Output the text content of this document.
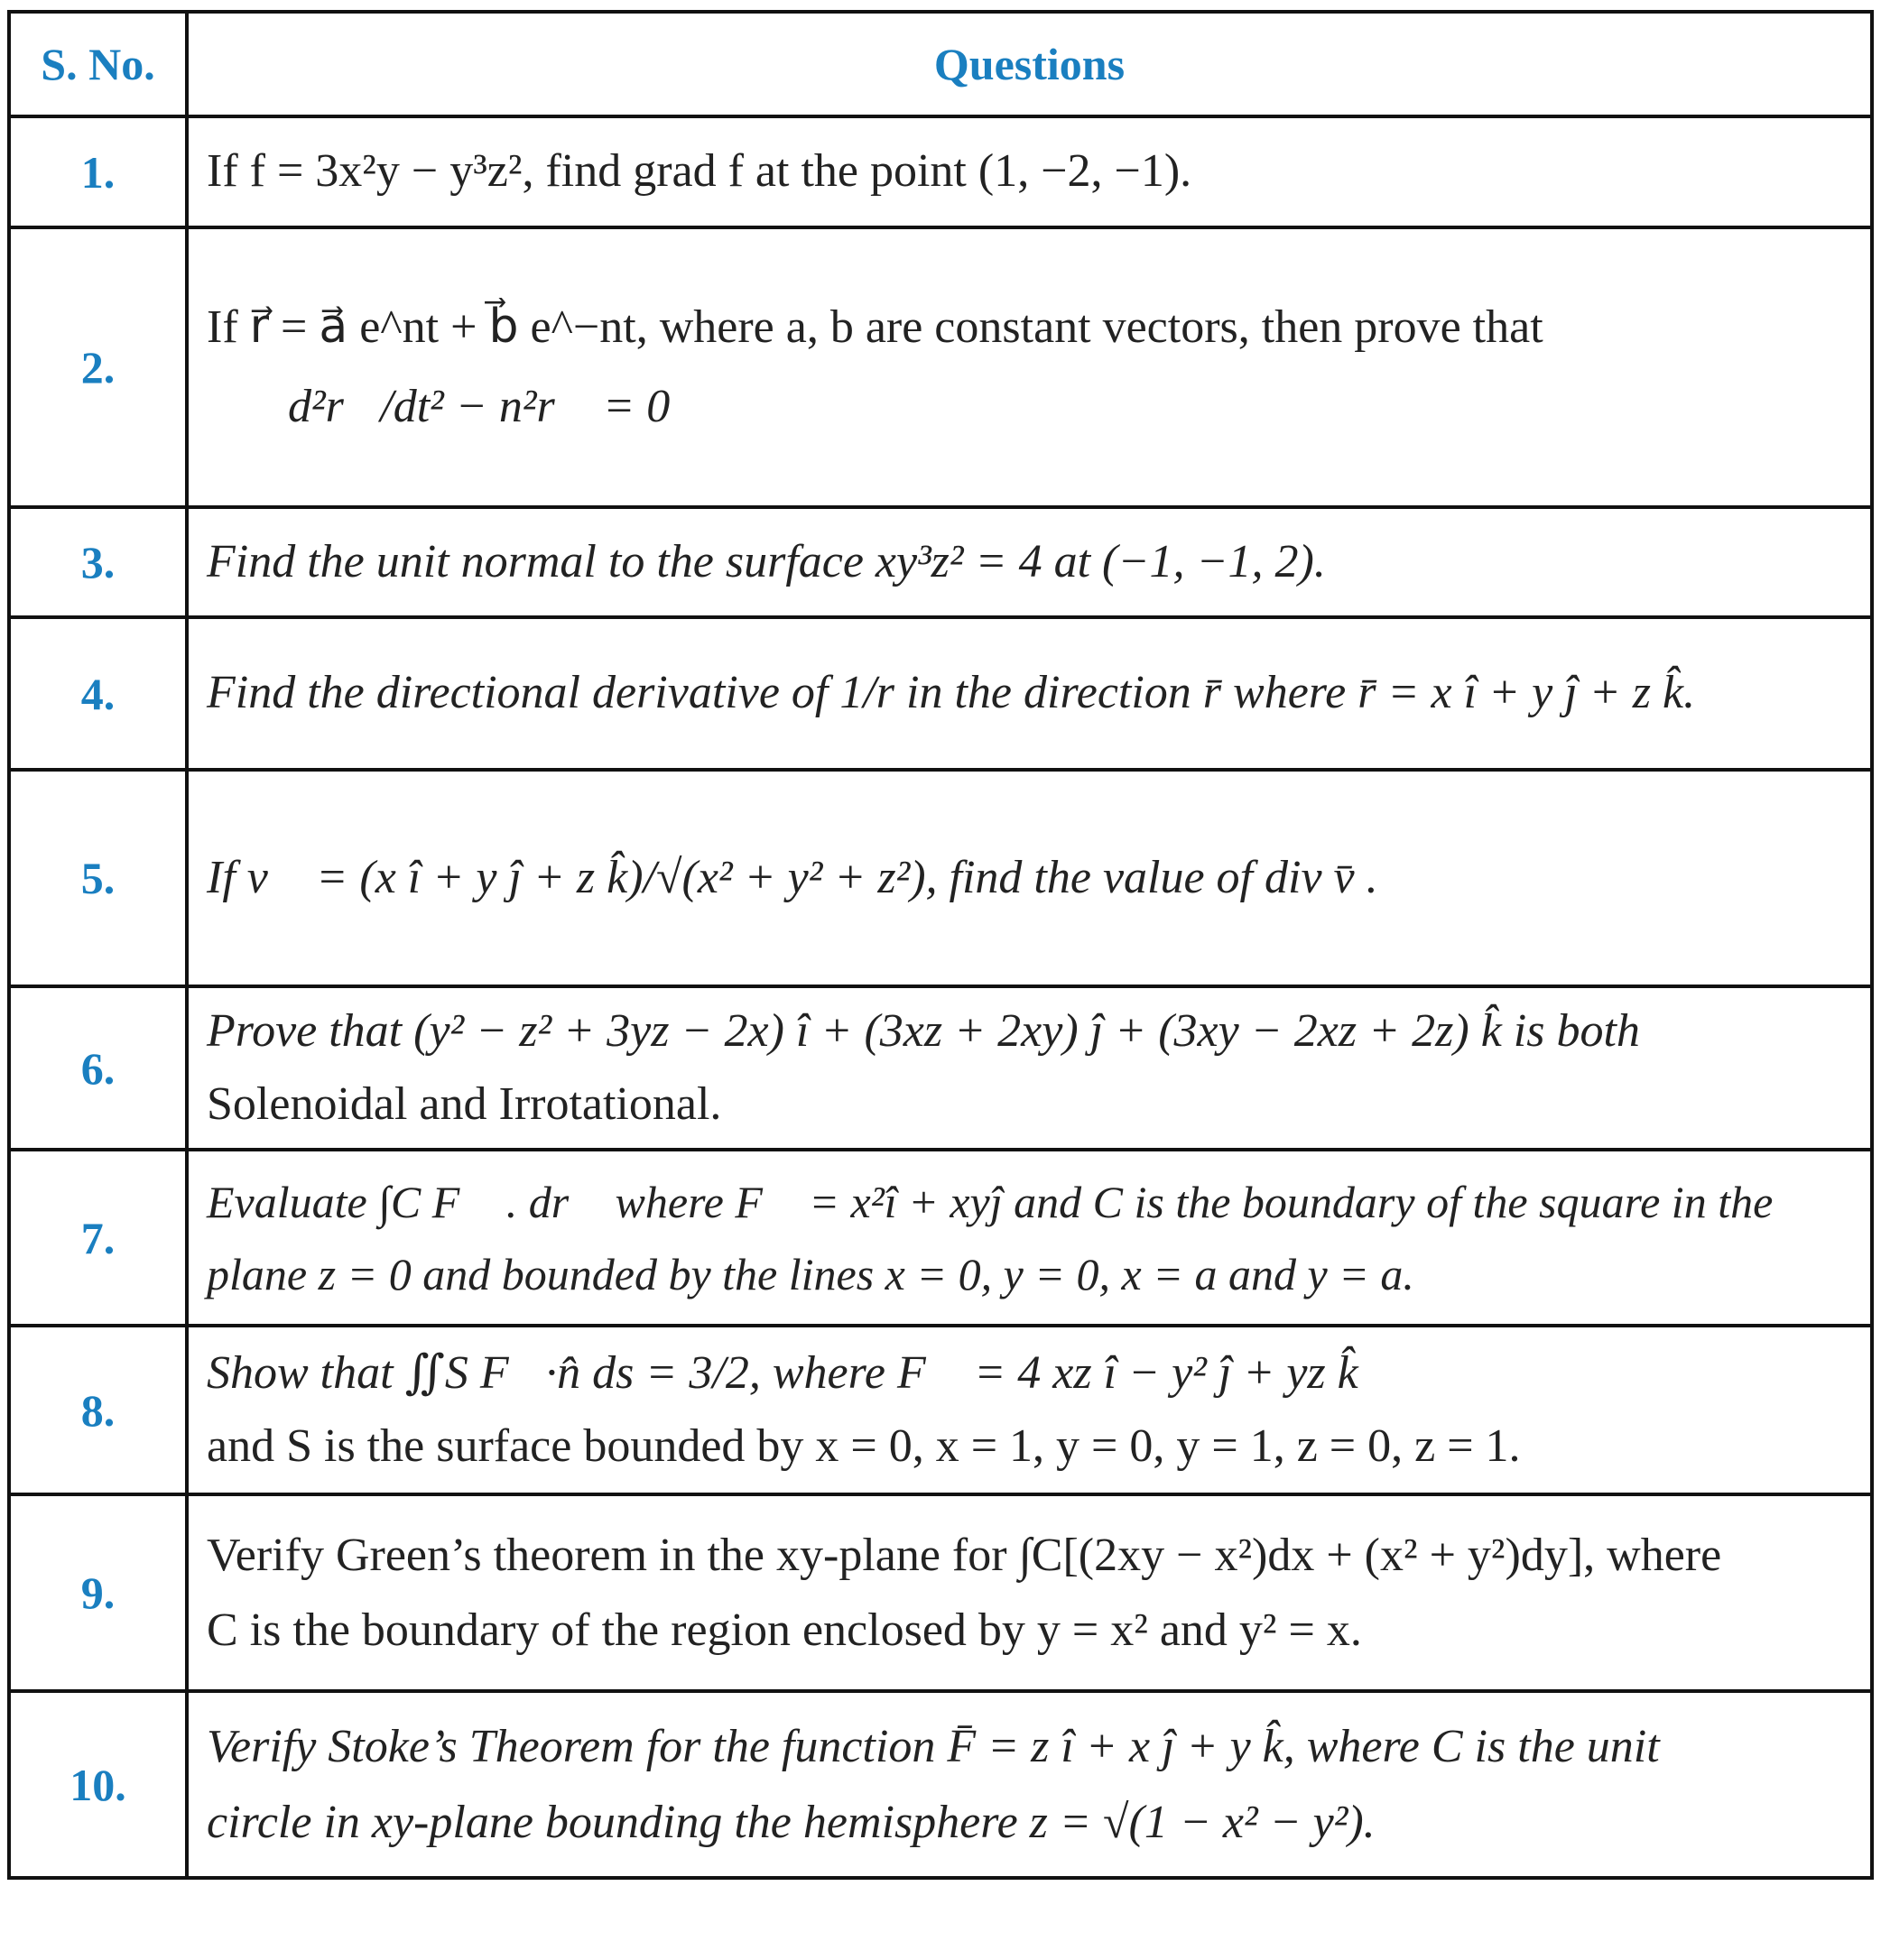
S. No.	Questions
1.	If f = 3x²y − y³z², find grad f at the point (1, −2, −1).
2.	If r⃗ = a⃗ e^nt + b⃗ e^−nt, where a, b are constant vectors, then prove that
d²r⃗/dt² − n²r⃗ = 0

3.	Find the unit normal to the surface xy³z² = 4 at (−1, −1, 2).
4.	Find the directional derivative of 1/r in the direction r̄ where r̄ = x î + y ĵ + z k̂.
5.	If v⃗ = (x î + y ĵ + z k̂)/√(x² + y² + z²), find the value of div v̄ .
6.	Prove that (y² − z² + 3yz − 2x) î + (3xz + 2xy) ĵ + (3xy − 2xz + 2z) k̂ is both
Solenoidal and Irrotational.

7.	Evaluate ∫C F⃗ . dr⃗ where F⃗ = x²î + xyĵ and C is the boundary of the square in the
plane z = 0 and bounded by the lines x = 0, y = 0, x = a and y = a.

8.	Show that ∬S F⃗·n̂ ds = 3/2, where F⃗ = 4 xz î − y² ĵ + yz k̂
and S is the surface bounded by x = 0, x = 1, y = 0, y = 1, z = 0, z = 1.

9.	Verify Green’s theorem in the xy-plane for ∫C[(2xy − x²)dx + (x² + y²)dy], where
C is the boundary of the region enclosed by y = x² and y² = x.

10.	Verify Stoke’s Theorem for the function F̄ = z î + x ĵ + y k̂, where C is the unit
circle in xy-plane bounding the hemisphere z = √(1 − x² − y²).
